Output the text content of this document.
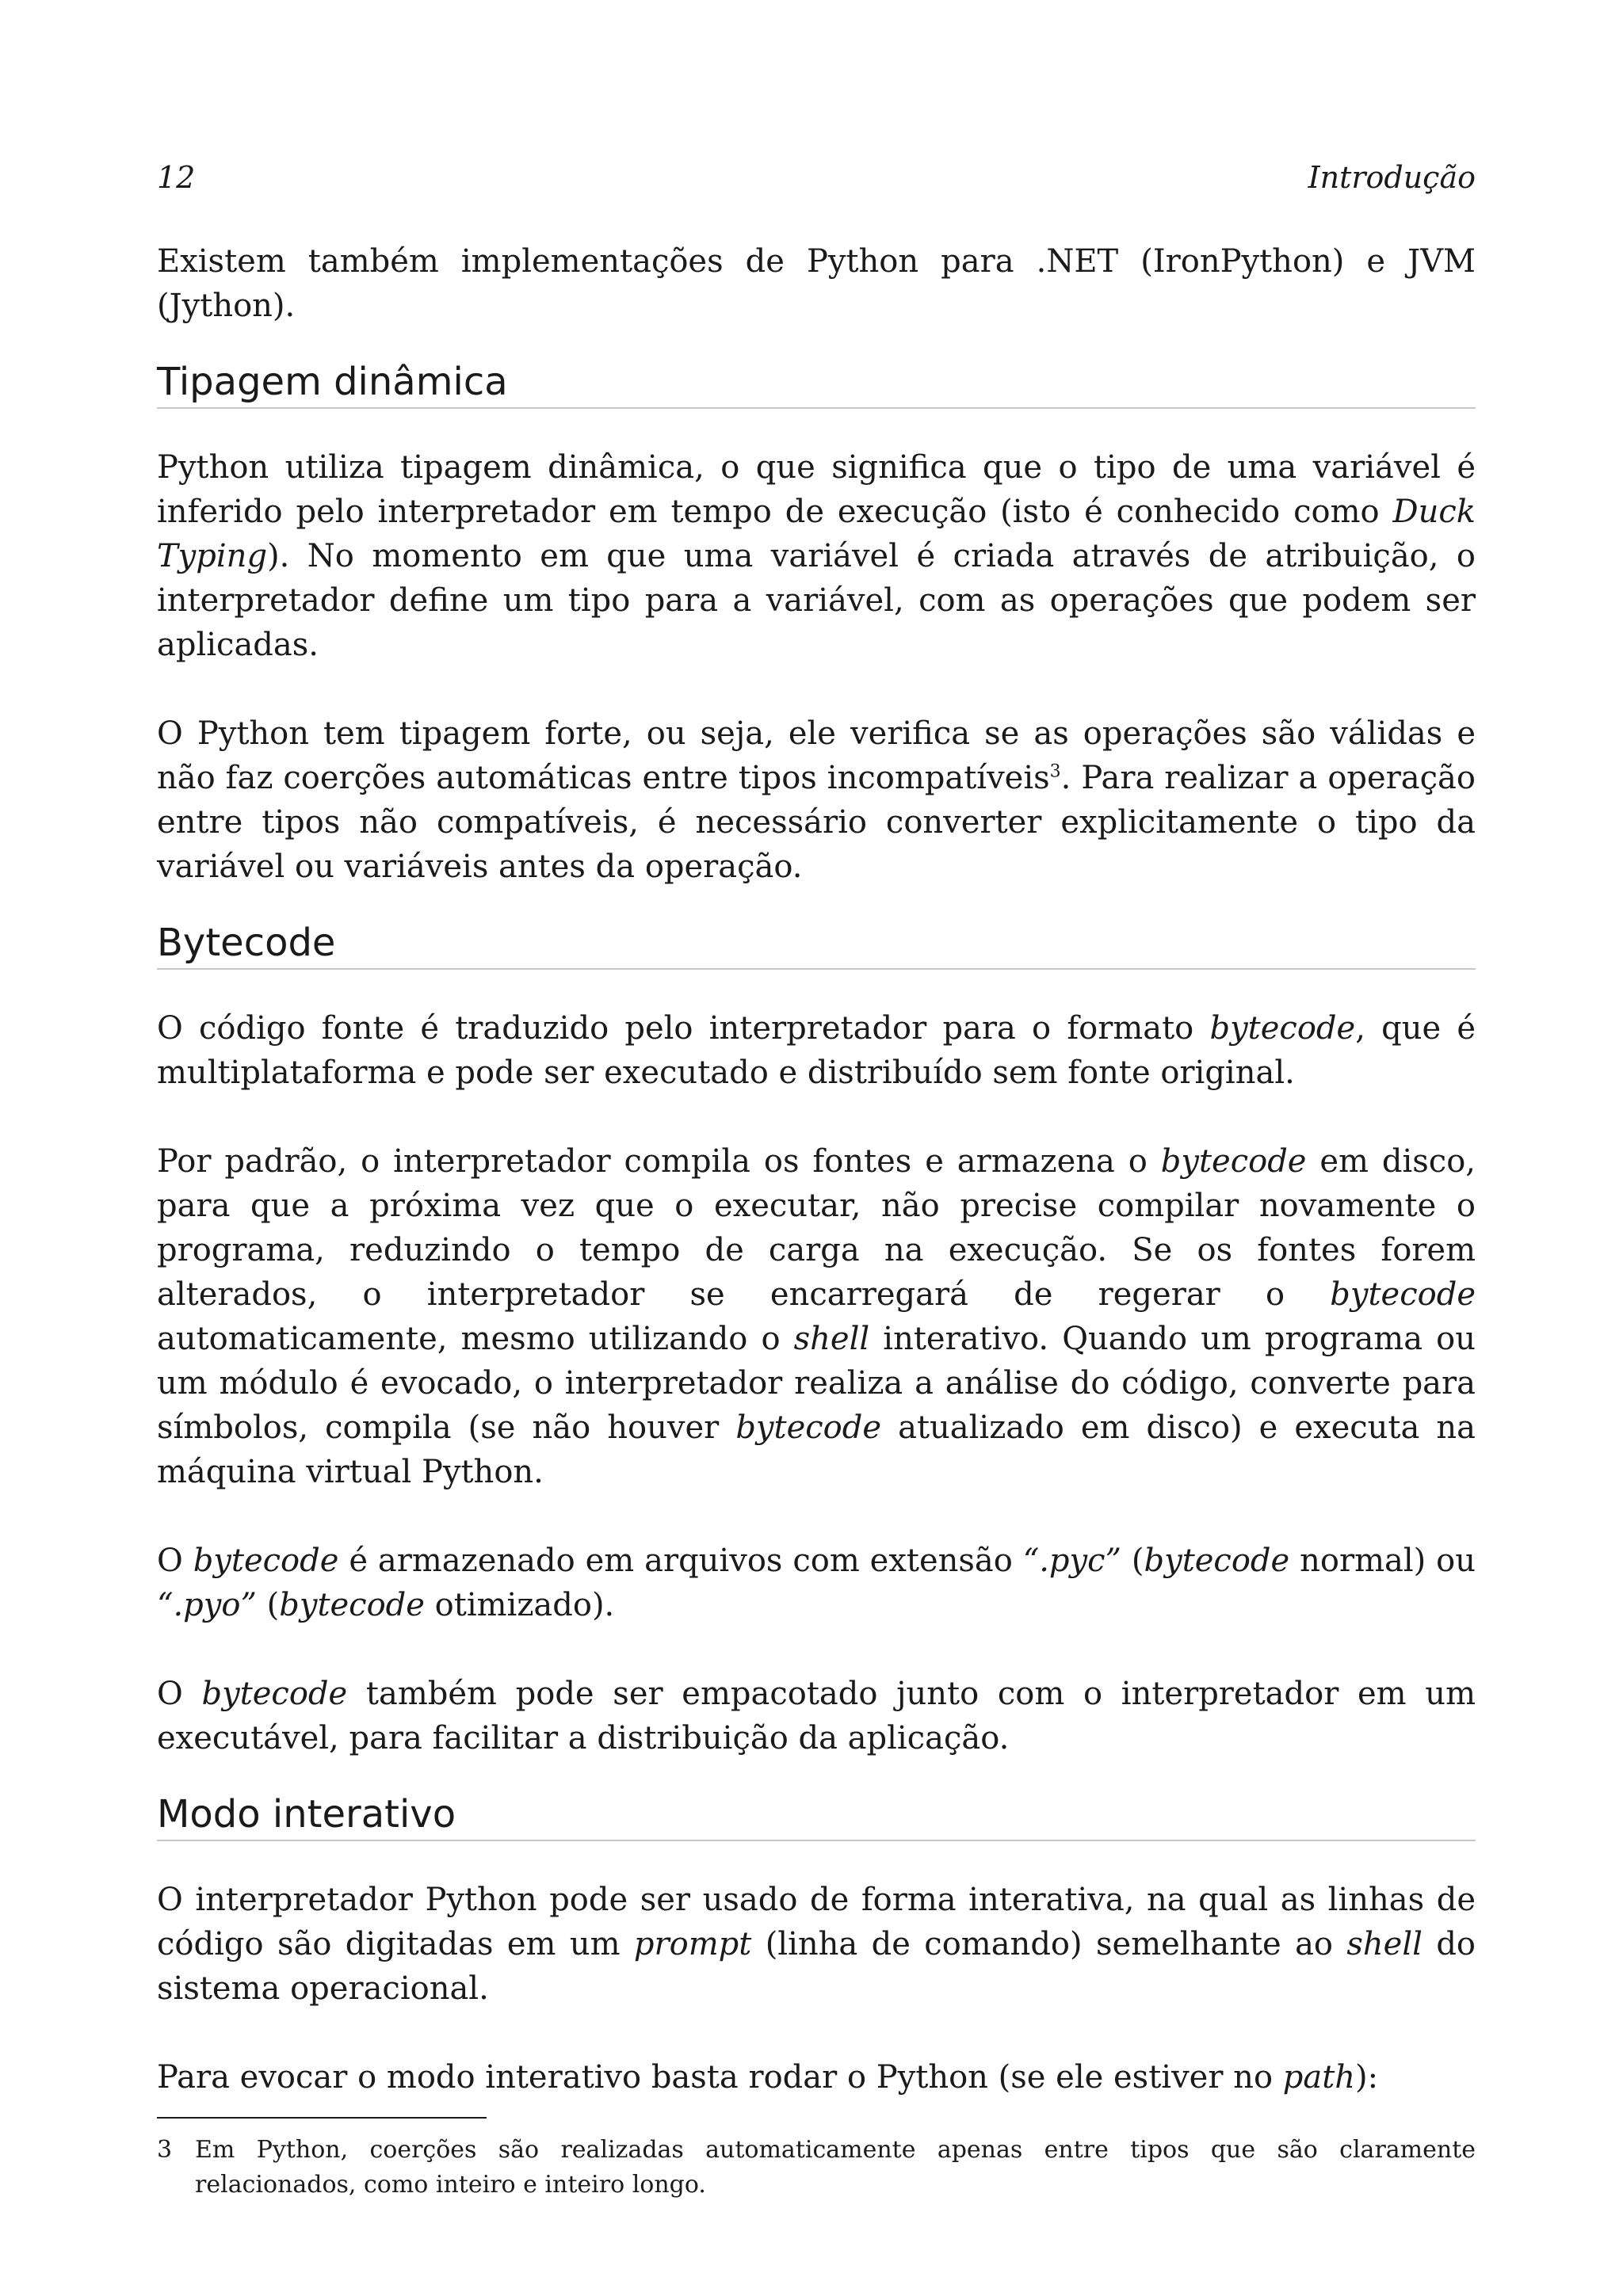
12	Introdução

Existem também implementações de Python para .NET (IronPython) e JVM (Jython).

Tipagem dinâmica

Python utiliza tipagem dinâmica, o que significa que o tipo de uma variável é inferido pelo interpretador em tempo de execução (isto é conhecido como Duck Typing). No momento em que uma variável é criada através de atribuição, o interpretador define um tipo para a variável, com as operações que podem ser aplicadas.

O Python tem tipagem forte, ou seja, ele verifica se as operações são válidas e não faz coerções automáticas entre tipos incompatíveis$^3$. Para realizar a operação entre tipos não compatíveis, é necessário converter explicitamente o tipo da variável ou variáveis antes da operação.

Bytecode

O código fonte é traduzido pelo interpretador para o formato bytecode, que é multiplataforma e pode ser executado e distribuído sem fonte original.

Por padrão, o interpretador compila os fontes e armazena o bytecode em disco, para que a próxima vez que o executar, não precise compilar novamente o programa, reduzindo o tempo de carga na execução. Se os fontes forem alterados, o interpretador se encarregará de regerar o bytecode automaticamente, mesmo utilizando o shell interativo. Quando um programa ou um módulo é evocado, o interpretador realiza a análise do código, converte para símbolos, compila (se não houver bytecode atualizado em disco) e executa na máquina virtual Python.

O bytecode é armazenado em arquivos com extensão “.pyc” (bytecode normal) ou “.pyo” (bytecode otimizado).

O bytecode também pode ser empacotado junto com o interpretador em um executável, para facilitar a distribuição da aplicação.

Modo interativo

O interpretador Python pode ser usado de forma interativa, na qual as linhas de código são digitadas em um prompt (linha de comando) semelhante ao shell do sistema operacional.

Para evocar o modo interativo basta rodar o Python (se ele estiver no path):

3 Em Python, coerções são realizadas automaticamente apenas entre tipos que são claramente relacionados, como inteiro e inteiro longo.
